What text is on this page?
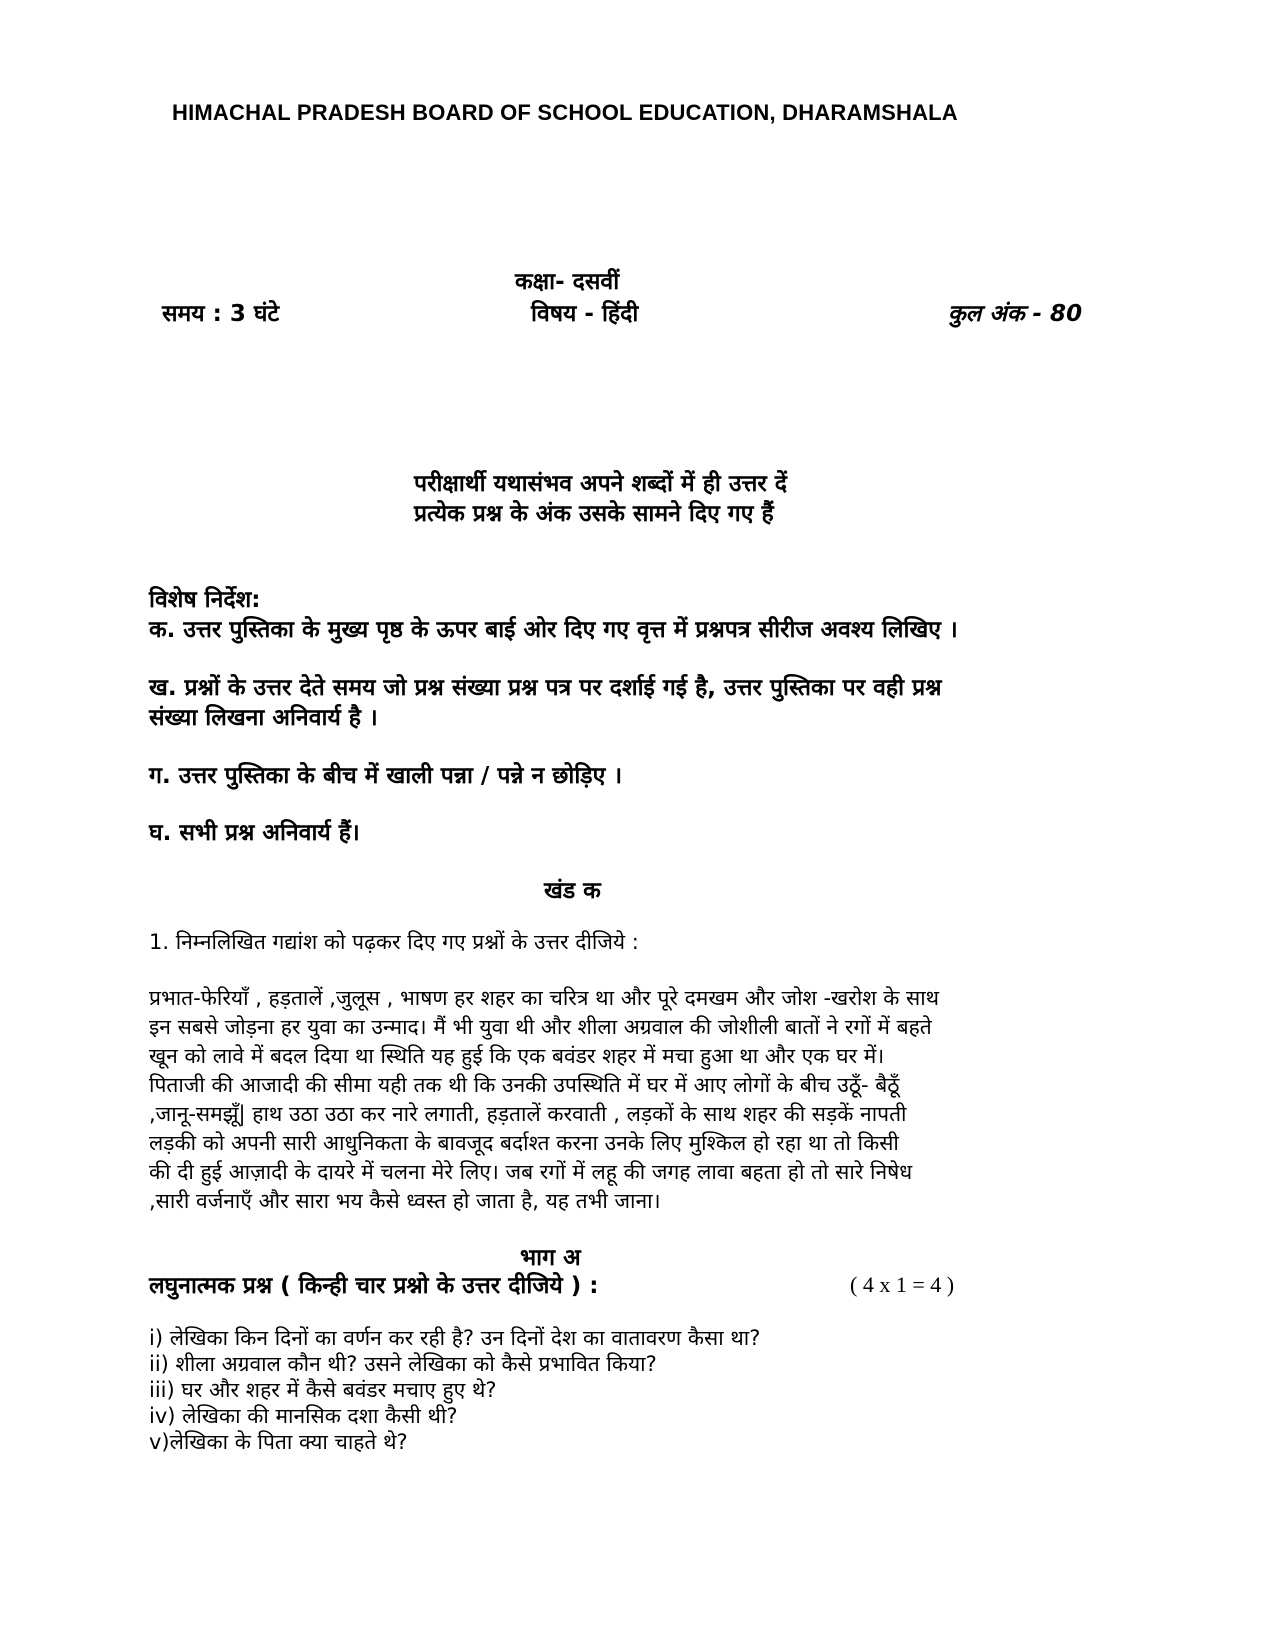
HIMACHAL PRADESH BOARD OF SCHOOL EDUCATION, DHARAMSHALA
कक्षा- दसवीं
समय : 3 घंटे	विषय - हिंदी	कुल अंक - 80
परीक्षार्थी यथासंभव अपने शब्दों में ही उत्तर दें
प्रत्येक प्रश्न के अंक उसके सामने दिए गए हैं
विशेष निर्देश:
क. उत्तर पुस्तिका के मुख्य पृष्ठ के ऊपर बाई ओर दिए गए वृत्त में प्रश्नपत्र सीरीज अवश्य लिखिए ।
ख. प्रश्नों के उत्तर देते समय जो प्रश्न संख्या प्रश्न पत्र पर दर्शाई गई है, उत्तर पुस्तिका पर वही प्रश्न
संख्या लिखना अनिवार्य है ।
ग. उत्तर पुस्तिका के बीच में खाली पन्ना / पन्ने न छोड़िए ।
घ. सभी प्रश्न अनिवार्य हैं।
खंड क
1. निम्नलिखित गद्यांश को पढ़कर दिए गए प्रश्नों के उत्तर दीजिये :
प्रभात-फेरियाँ , हड़तालें ,जुलूस , भाषण हर शहर का चरित्र था और पूरे दमखम और जोश -खरोश के साथ
इन सबसे जोड़ना हर युवा का उन्माद। मैं भी युवा थी और शीला अग्रवाल की जोशीली बातों ने रगों में बहते
खून को लावे में बदल दिया था स्थिति यह हुई कि एक बवंडर शहर में मचा हुआ था और एक घर में।
पिताजी की आजादी की सीमा यही तक थी कि उनकी उपस्थिति में घर में आए लोगों के बीच उठूँ- बैठूँ
,जानू-समझूँ| हाथ उठा उठा कर नारे लगाती, हड़तालें करवाती , लड़कों के साथ शहर की सड़कें नापती
लड़की को अपनी सारी आधुनिकता के बावजूद बर्दाश्त करना उनके लिए मुश्किल हो रहा था तो किसी
की दी हुई आज़ादी के दायरे में चलना मेरे लिए। जब रगों में लहू की जगह लावा बहता हो तो सारे निषेध
,सारी वर्जनाएँ और सारा भय कैसे ध्वस्त हो जाता है, यह तभी जाना।
भाग अ
लघुनात्मक प्रश्न ( किन्ही चार प्रश्नो के उत्तर दीजिये ) :	( 4 x 1 = 4 )
i) लेखिका किन दिनों का वर्णन कर रही है? उन दिनों देश का वातावरण कैसा था?
ii) शीला अग्रवाल कौन थी? उसने लेखिका को कैसे प्रभावित किया?
iii) घर और शहर में कैसे बवंडर मचाए हुए थे?
iv) लेखिका की मानसिक दशा कैसी थी?
v)लेखिका के पिता क्या चाहते थे?
